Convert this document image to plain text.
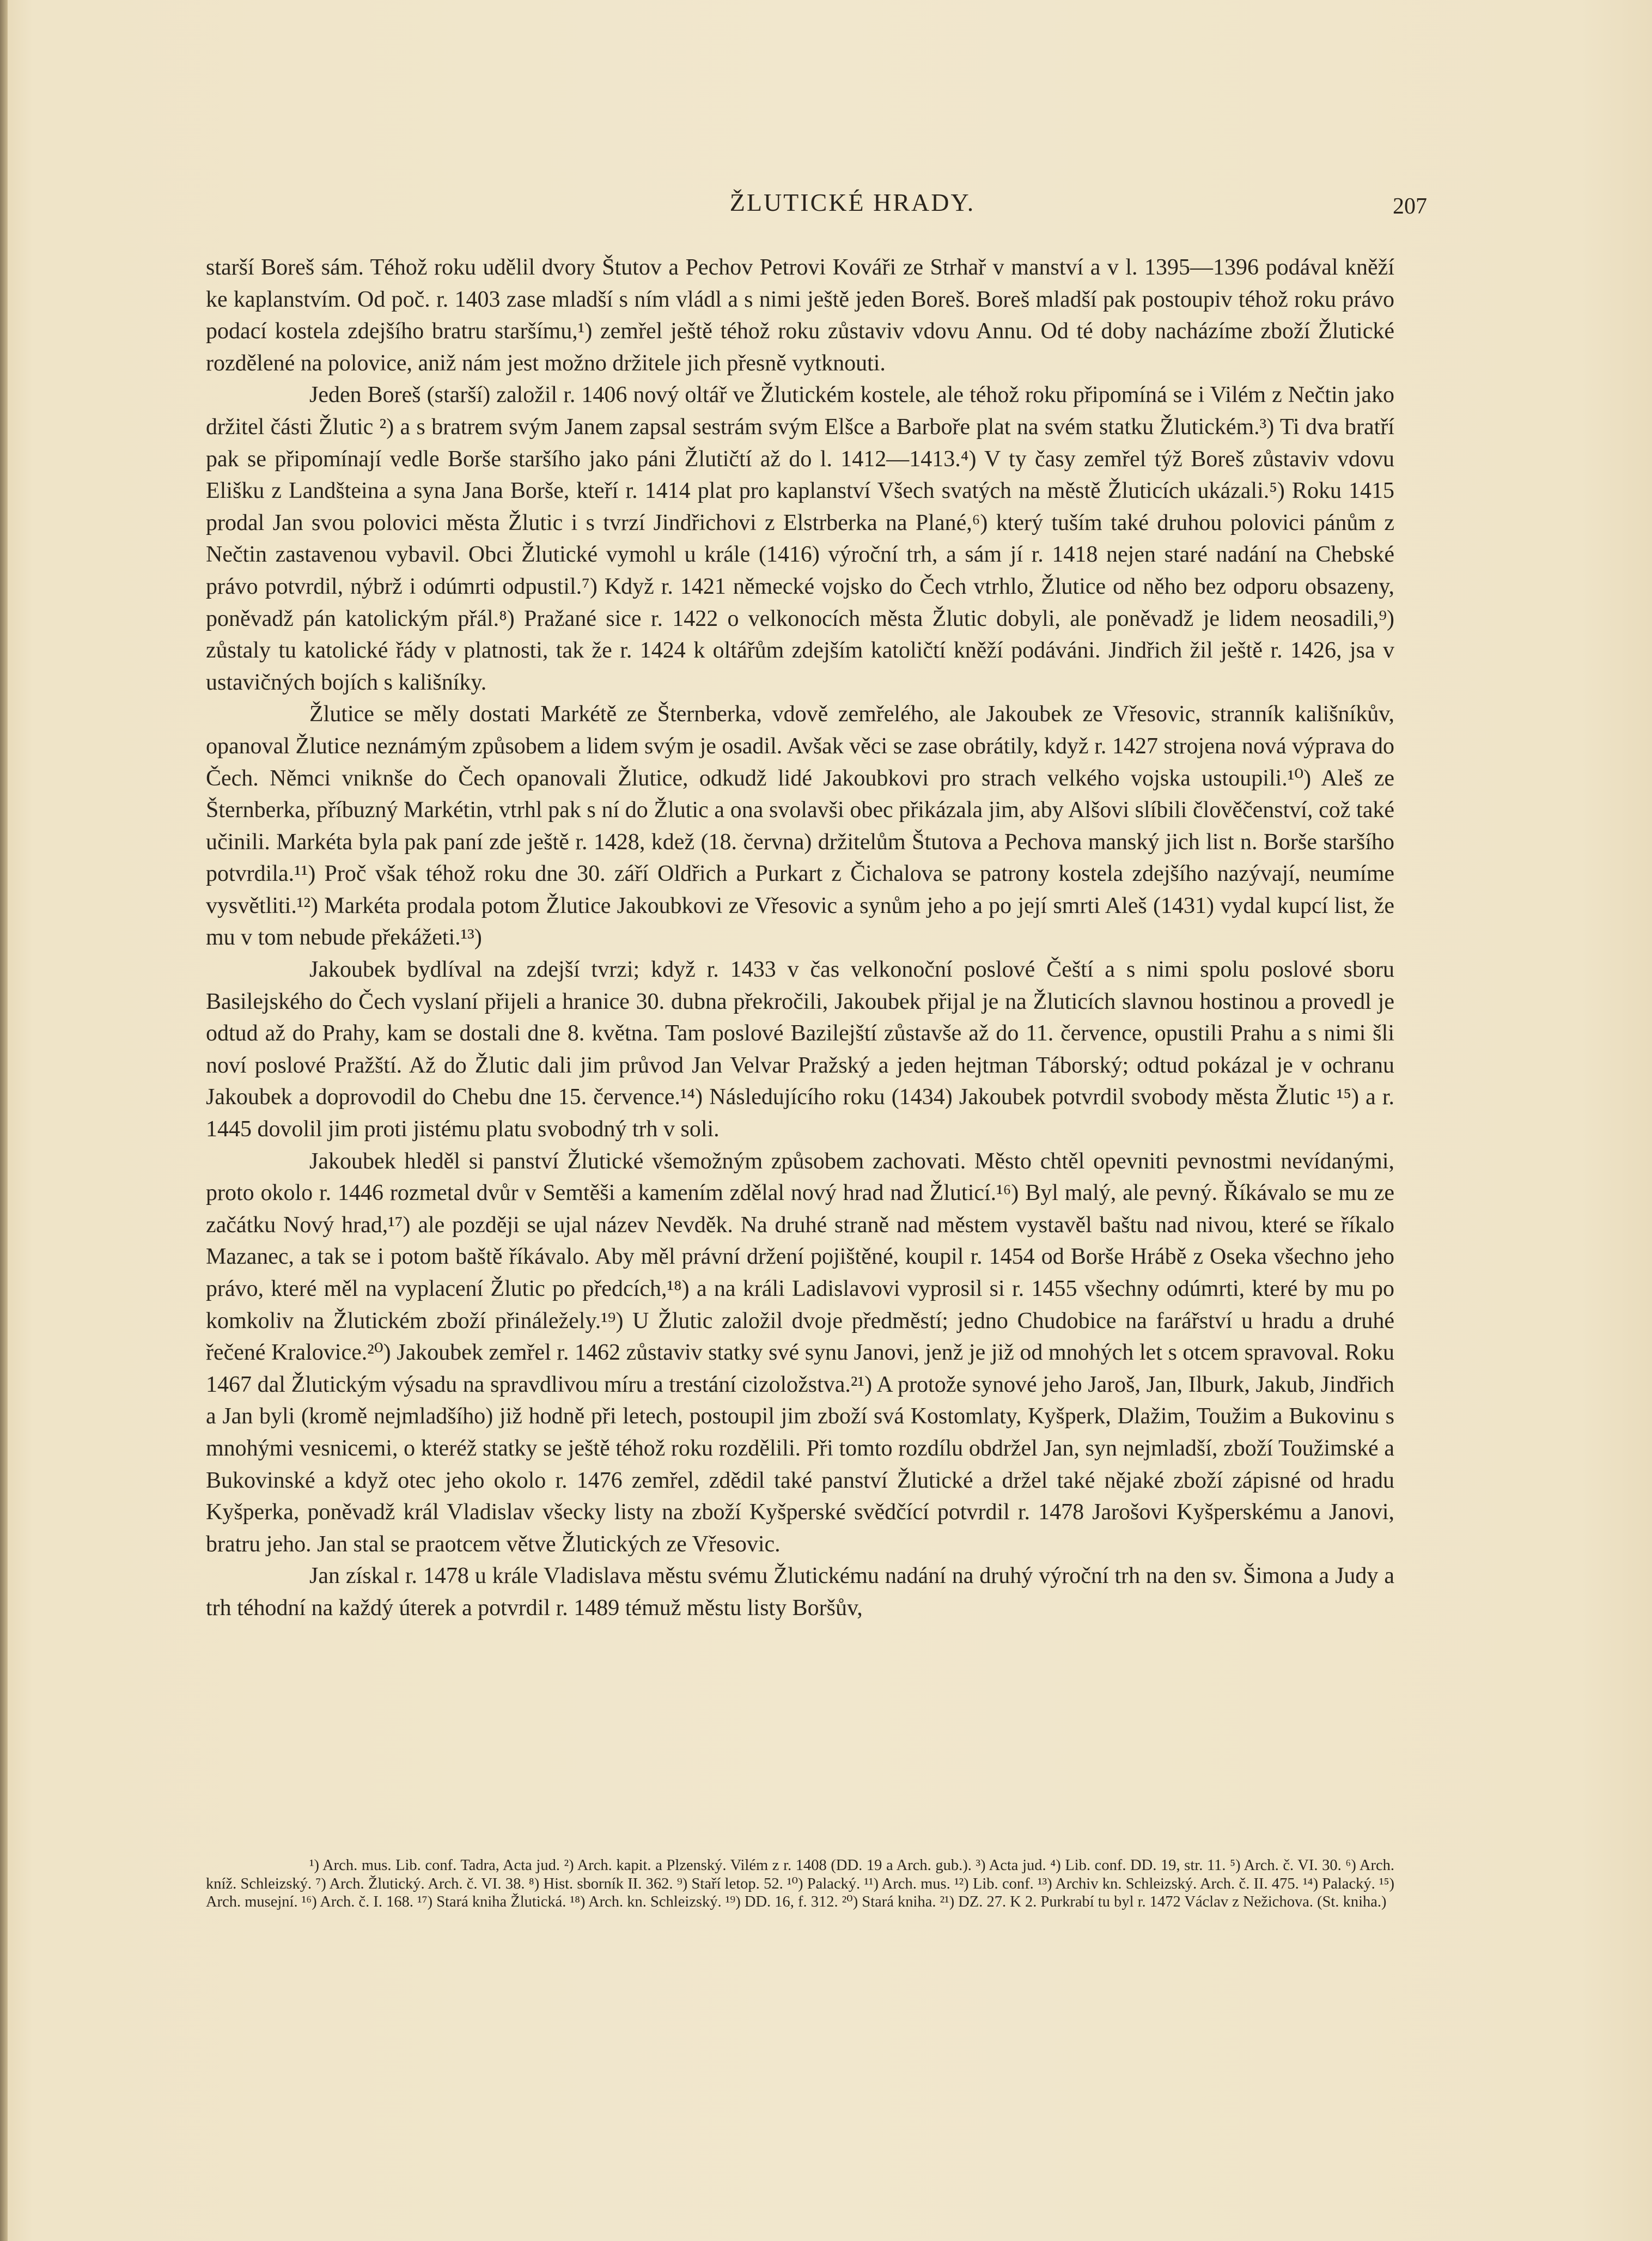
ŽLUTICKÉ HRADY.	207

starší Boreš sám. Téhož roku udělil dvory Štutov a Pechov Petrovi Kováři ze Strhař v manství a v l. 1395—1396 podával kněží ke kaplanstvím. Od poč. r. 1403 zase mladší s ním vládl a s nimi ještě jeden Boreš. Boreš mladší pak postoupiv téhož roku právo podací kostela zdejšího bratru staršímu,¹) zemřel ještě téhož roku zůstaviv vdovu Annu. Od té doby nacházíme zboží Žlutické rozdělené na polovice, aniž nám jest možno držitele jich přesně vytknouti.

Jeden Boreš (starší) založil r. 1406 nový oltář ve Žlutickém kostele, ale téhož roku připomíná se i Vilém z Nečtin jako držitel části Žlutic ²) a s bratrem svým Janem zapsal sestrám svým Elšce a Barboře plat na svém statku Žlutickém.³) Ti dva bratří pak se připomínají vedle Borše staršího jako páni Žlutičtí až do l. 1412—1413.⁴) V ty časy zemřel týž Boreš zůstaviv vdovu Elišku z Landšteina a syna Jana Borše, kteří r. 1414 plat pro kaplanství Všech svatých na městě Žluticích ukázali.⁵) Roku 1415 prodal Jan svou polovici města Žlutic i s tvrzí Jindřichovi z Elstrberka na Plané,⁶) který tuším také druhou polovici pánům z Nečtin zastavenou vybavil. Obci Žlutické vymohl u krále (1416) výroční trh, a sám jí r. 1418 nejen staré nadání na Chebské právo potvrdil, nýbrž i odúmrti odpustil.⁷) Když r. 1421 německé vojsko do Čech vtrhlo, Žlutice od něho bez odporu obsazeny, poněvadž pán katolickým přál.⁸) Pražané sice r. 1422 o velkonocích města Žlutic dobyli, ale poněvadž je lidem neosadili,⁹) zůstaly tu katolické řády v platnosti, tak že r. 1424 k oltářům zdejším katoličtí kněží podáváni. Jindřich žil ještě r. 1426, jsa v ustavičných bojích s kališníky.

Žlutice se měly dostati Markétě ze Šternberka, vdově zemřelého, ale Jakoubek ze Vřesovic, stranník kališníkův, opanoval Žlutice neznámým způsobem a lidem svým je osadil. Avšak věci se zase obrátily, když r. 1427 strojena nová výprava do Čech. Němci vniknše do Čech opanovali Žlutice, odkudž lidé Jakoubkovi pro strach velkého vojska ustoupili.¹⁰) Aleš ze Šternberka, příbuzný Markétin, vtrhl pak s ní do Žlutic a ona svolavši obec přikázala jim, aby Alšovi slíbili člověčenství, což také učinili. Markéta byla pak paní zde ještě r. 1428, kdež (18. června) držitelům Štutova a Pechova manský jich list n. Borše staršího potvrdila.¹¹) Proč však téhož roku dne 30. září Oldřich a Purkart z Čichalova se patrony kostela zdejšího nazývají, neumíme vysvětliti.¹²) Markéta prodala potom Žlutice Jakoubkovi ze Vřesovic a synům jeho a po její smrti Aleš (1431) vydal kupcí list, že mu v tom nebude překážeti.¹³)

Jakoubek bydlíval na zdejší tvrzi; když r. 1433 v čas velkonoční poslové Čeští a s nimi spolu poslové sboru Basilejského do Čech vyslaní přijeli a hranice 30. dubna překročili, Jakoubek přijal je na Žluticích slavnou hostinou a provedl je odtud až do Prahy, kam se dostali dne 8. května. Tam poslové Bazilejští zůstavše až do 11. července, opustili Prahu a s nimi šli noví poslové Pražští. Až do Žlutic dali jim průvod Jan Velvar Pražský a jeden hejtman Táborský; odtud pokázal je v ochranu Jakoubek a doprovodil do Chebu dne 15. července.¹⁴) Následujícího roku (1434) Jakoubek potvrdil svobody města Žlutic ¹⁵) a r. 1445 dovolil jim proti jistému platu svobodný trh v soli.

Jakoubek hleděl si panství Žlutické všemožným způsobem zachovati. Město chtěl opevniti pevnostmi nevídanými, proto okolo r. 1446 rozmetal dvůr v Semtěši a kamením zdělal nový hrad nad Žluticí.¹⁶) Byl malý, ale pevný. Říkávalo se mu ze začátku Nový hrad,¹⁷) ale později se ujal název Nevděk. Na druhé straně nad městem vystavěl baštu nad nivou, které se říkalo Mazanec, a tak se i potom baště říkávalo. Aby měl právní držení pojištěné, koupil r. 1454 od Borše Hrábě z Oseka všechno jeho právo, které měl na vyplacení Žlutic po předcích,¹⁸) a na králi Ladislavovi vyprosil si r. 1455 všechny odúmrti, které by mu po komkoliv na Žlutickém zboží přináležely.¹⁹) U Žlutic založil dvoje předměstí; jedno Chudobice na farářství u hradu a druhé řečené Kralovice.²⁰) Jakoubek zemřel r. 1462 zůstaviv statky své synu Janovi, jenž je již od mnohých let s otcem spravoval. Roku 1467 dal Žlutickým výsadu na spravdlivou míru a trestání cizoložstva.²¹) A protože synové jeho Jaroš, Jan, Ilburk, Jakub, Jindřich a Jan byli (kromě nejmladšího) již hodně při letech, postoupil jim zboží svá Kostomlaty, Kyšperk, Dlažim, Toužim a Bukovinu s mnohými vesnicemi, o kteréž statky se ještě téhož roku rozdělili. Při tomto rozdílu obdržel Jan, syn nejmladší, zboží Toužimské a Bukovinské a když otec jeho okolo r. 1476 zemřel, zdědil také panství Žlutické a držel také nějaké zboží zápisné od hradu Kyšperka, poněvadž král Vladislav všecky listy na zboží Kyšperské svědčící potvrdil r. 1478 Jarošovi Kyšperskému a Janovi, bratru jeho. Jan stal se praotcem větve Žlutických ze Vřesovic.

Jan získal r. 1478 u krále Vladislava městu svému Žlutickému nadání na druhý výroční trh na den sv. Šimona a Judy a trh téhodní na každý úterek a potvrdil r. 1489 témuž městu listy Boršův,

¹) Arch. mus. Lib. conf. Tadra, Acta jud. ²) Arch. kapit. a Plzenský. Vilém z r. 1408 (DD. 19 a Arch. gub.). ³) Acta jud. ⁴) Lib. conf. DD. 19, str. 11. ⁵) Arch. č. VI. 30. ⁶) Arch. kníž. Schleizský. ⁷) Arch. Žlutický. Arch. č. VI. 38. ⁸) Hist. sborník II. 362. ⁹) Staří letop. 52. ¹⁰) Palacký. ¹¹) Arch. mus. ¹²) Lib. conf. ¹³) Archiv kn. Schleizský. Arch. č. II. 475. ¹⁴) Palacký. ¹⁵) Arch. musejní. ¹⁶) Arch. č. I. 168. ¹⁷) Stará kniha Žlutická. ¹⁸) Arch. kn. Schleizský. ¹⁹) DD. 16, f. 312. ²⁰) Stará kniha. ²¹) DZ. 27. K 2. Purkrabí tu byl r. 1472 Václav z Nežichova. (St. kniha.)
